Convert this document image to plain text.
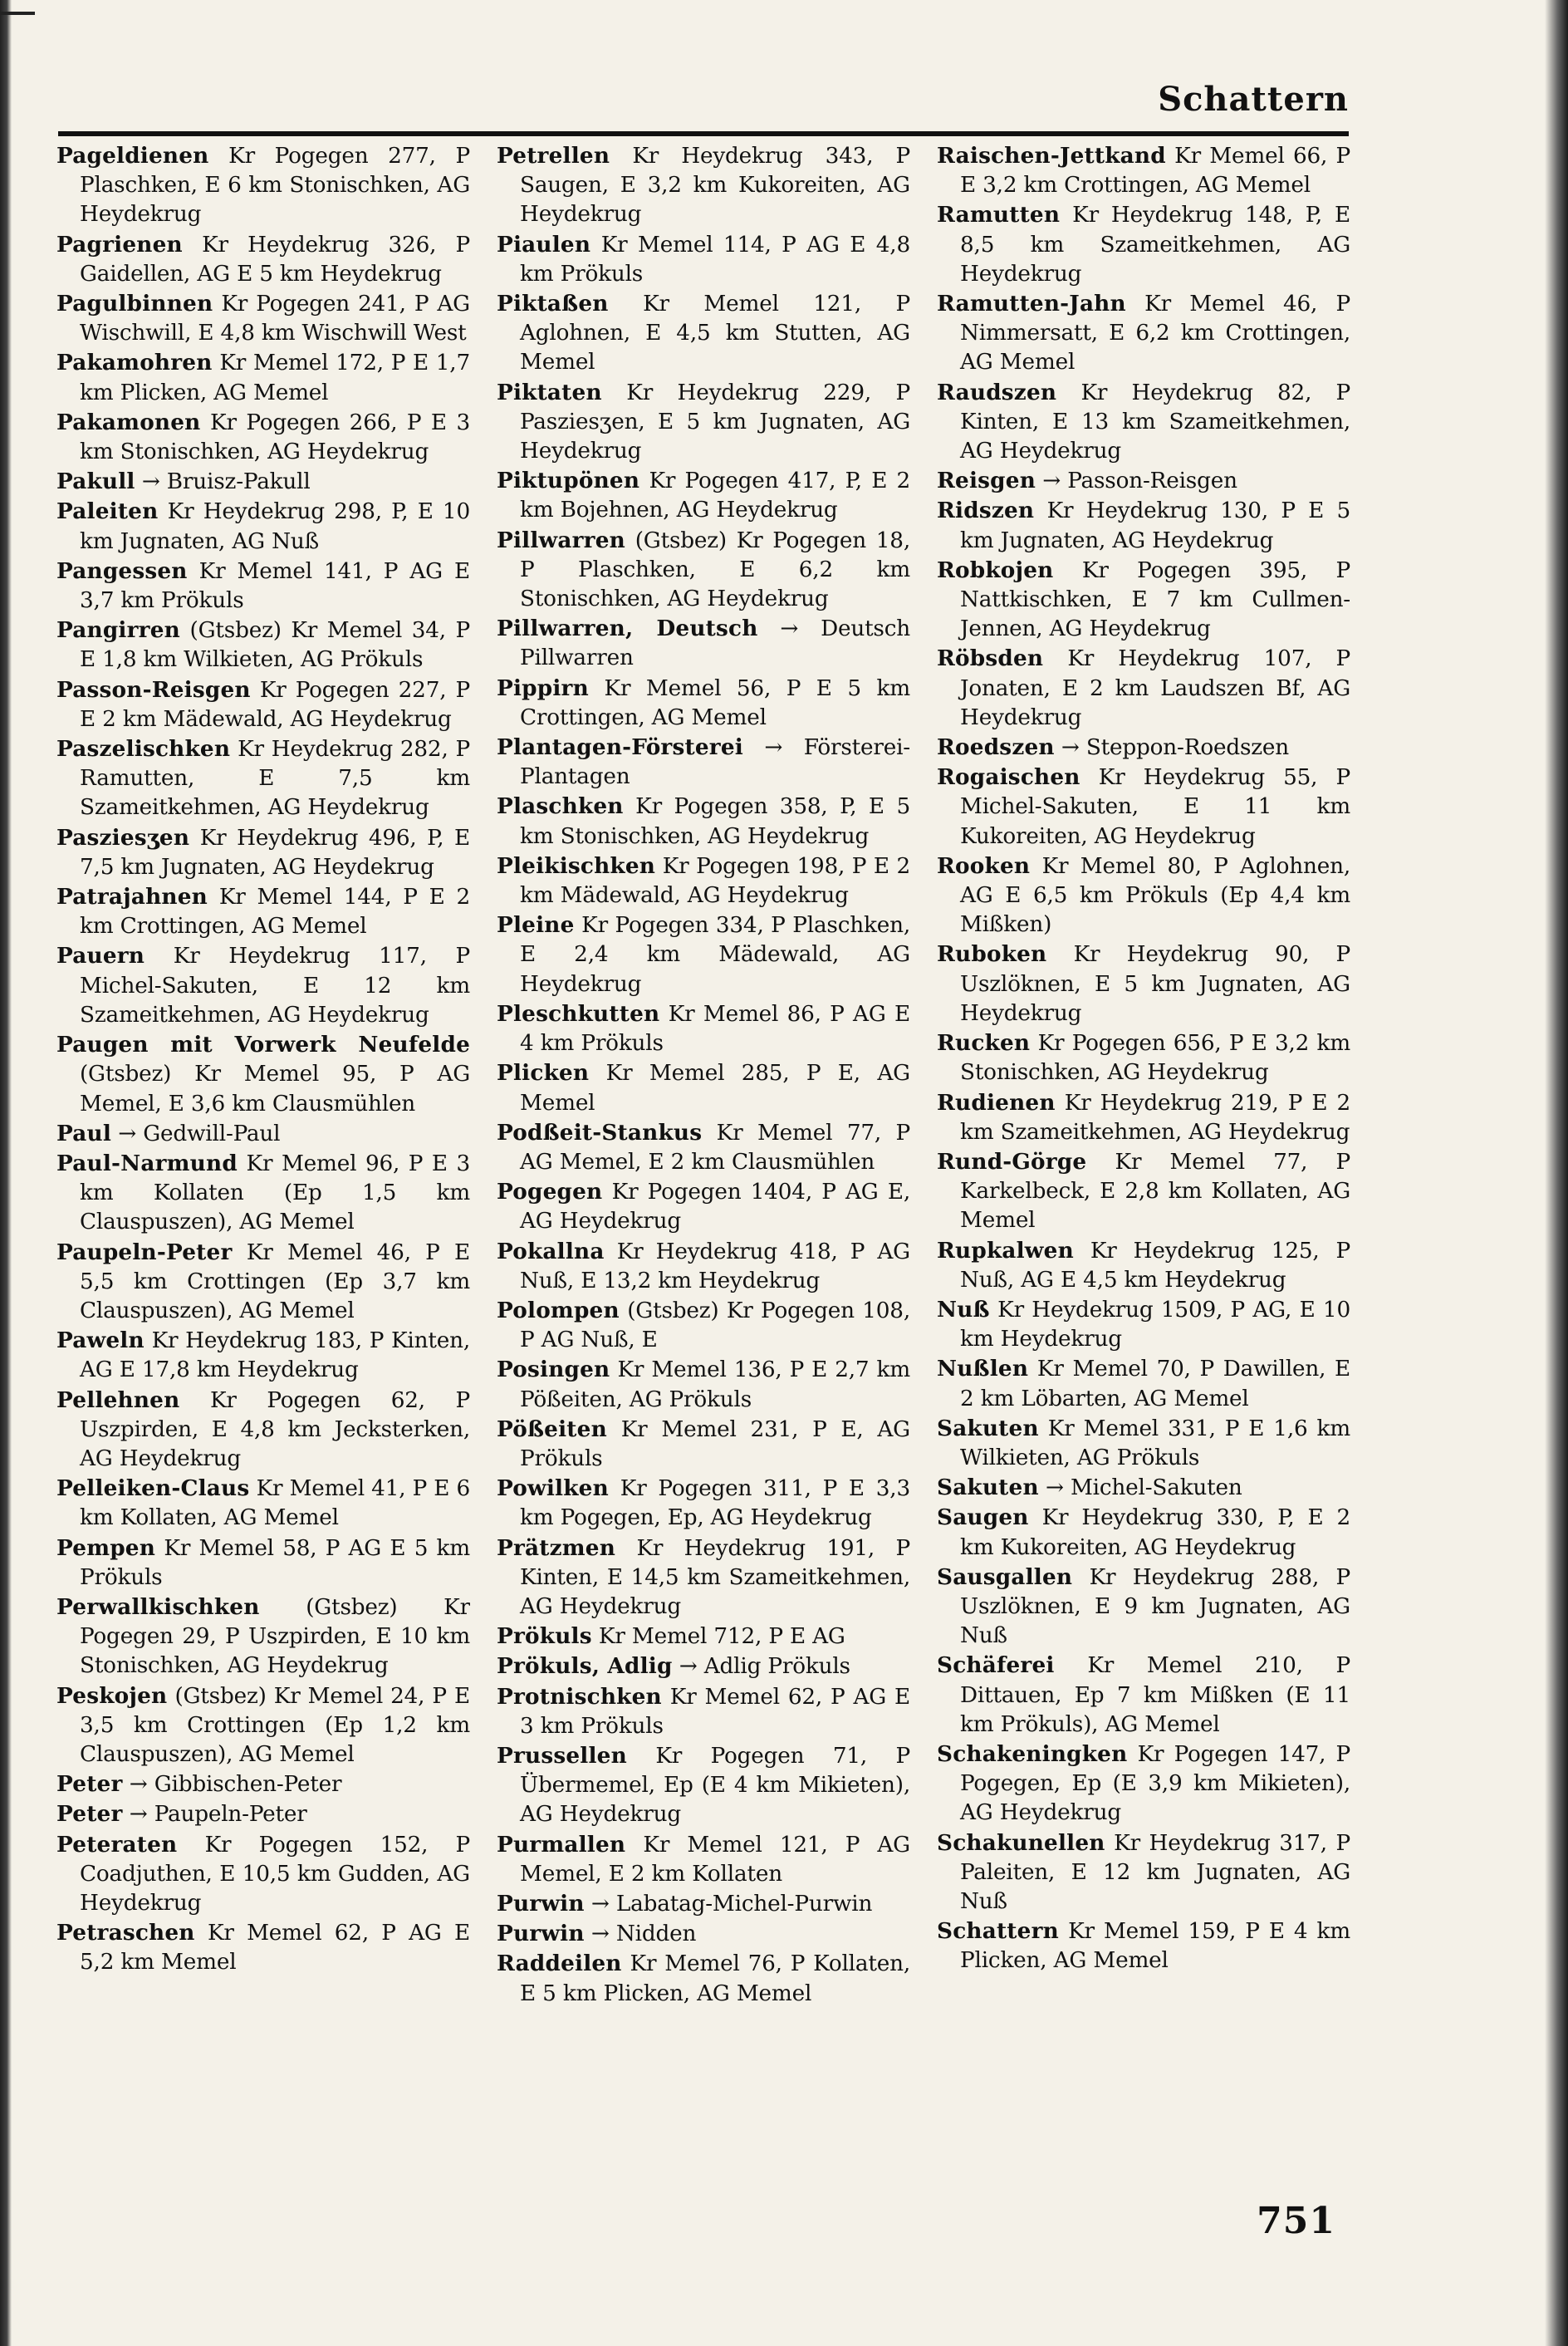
Schattern

Pageldienen Kr Pogegen 277, P Plaschken, E 6 km Stonischken, AG Heydekrug

Pagrienen Kr Heydekrug 326, P Gaidellen, AG E 5 km Heydekrug

Pagulbinnen Kr Pogegen 241, P AG Wischwill, E 4,8 km Wischwill West

Pakamohren Kr Memel 172, P E 1,7 km Plicken, AG Memel

Pakamonen Kr Pogegen 266, P E 3 km Stonischken, AG Heydekrug

Pakull → Bruisz-Pakull

Paleiten Kr Heydekrug 298, P, E 10 km Jugnaten, AG Nuß

Pangessen Kr Memel 141, P AG E 3,7 km Prökuls

Pangirren (Gtsbez) Kr Memel 34, P E 1,8 km Wilkieten, AG Prökuls

Passon-Reisgen Kr Pogegen 227, P E 2 km Mädewald, AG Heydekrug

Paszelischken Kr Heydekrug 282, P Ramutten, E 7,5 km Szameitkehmen, AG Heydekrug

Pasziesʒen Kr Heydekrug 496, P, E 7,5 km Jugnaten, AG Heydekrug

Patrajahnen Kr Memel 144, P E 2 km Crottingen, AG Memel

Pauern Kr Heydekrug 117, P Michel-Sakuten, E 12 km Szameitkehmen, AG Heydekrug

Paugen mit Vorwerk Neufelde (Gtsbez) Kr Memel 95, P AG Memel, E 3,6 km Clausmühlen

Paul → Gedwill-Paul

Paul-Narmund Kr Memel 96, P E 3 km Kollaten (Ep 1,5 km Clauspuszen), AG Memel

Paupeln-Peter Kr Memel 46, P E 5,5 km Crottingen (Ep 3,7 km Clauspuszen), AG Memel

Paweln Kr Heydekrug 183, P Kinten, AG E 17,8 km Heydekrug

Pellehnen Kr Pogegen 62, P Uszpirden, E 4,8 km Jecksterken, AG Heydekrug

Pelleiken-Claus Kr Memel 41, P E 6 km Kollaten, AG Memel

Pempen Kr Memel 58, P AG E 5 km Prökuls

Perwallkischken (Gtsbez) Kr Pogegen 29, P Uszpirden, E 10 km Stonischken, AG Heydekrug

Peskojen (Gtsbez) Kr Memel 24, P E 3,5 km Crottingen (Ep 1,2 km Clauspuszen), AG Memel

Peter → Gibbischen-Peter

Peter → Paupeln-Peter

Peteraten Kr Pogegen 152, P Coadjuthen, E 10,5 km Gudden, AG Heydekrug

Petraschen Kr Memel 62, P AG E 5,2 km Memel

Petrellen Kr Heydekrug 343, P Saugen, E 3,2 km Kukoreiten, AG Heydekrug

Piaulen Kr Memel 114, P AG E 4,8 km Prökuls

Piktaßen Kr Memel 121, P Aglohnen, E 4,5 km Stutten, AG Memel

Piktaten Kr Heydekrug 229, P Pasziesʒen, E 5 km Jugnaten, AG Heydekrug

Piktupönen Kr Pogegen 417, P, E 2 km Bojehnen, AG Heydekrug

Pillwarren (Gtsbez) Kr Pogegen 18, P Plaschken, E 6,2 km Stonischken, AG Heydekrug

Pillwarren, Deutsch → Deutsch Pillwarren

Pippirn Kr Memel 56, P E 5 km Crottingen, AG Memel

Plantagen-Försterei → Försterei-Plantagen

Plaschken Kr Pogegen 358, P, E 5 km Stonischken, AG Heydekrug

Pleikischken Kr Pogegen 198, P E 2 km Mädewald, AG Heydekrug

Pleine Kr Pogegen 334, P Plaschken, E 2,4 km Mädewald, AG Heydekrug

Pleschkutten Kr Memel 86, P AG E 4 km Prökuls

Plicken Kr Memel 285, P E, AG Memel

Podßeit-Stankus Kr Memel 77, P AG Memel, E 2 km Clausmühlen

Pogegen Kr Pogegen 1404, P AG E, AG Heydekrug

Pokallna Kr Heydekrug 418, P AG Nuß, E 13,2 km Heydekrug

Polompen (Gtsbez) Kr Pogegen 108, P AG Nuß, E

Posingen Kr Memel 136, P E 2,7 km Pößeiten, AG Prökuls

Pößeiten Kr Memel 231, P E, AG Prökuls

Powilken Kr Pogegen 311, P E 3,3 km Pogegen, Ep, AG Heydekrug

Prätzmen Kr Heydekrug 191, P Kinten, E 14,5 km Szameitkehmen, AG Heydekrug

Prökuls Kr Memel 712, P E AG

Prökuls, Adlig → Adlig Prökuls

Protnischken Kr Memel 62, P AG E 3 km Prökuls

Prussellen Kr Pogegen 71, P Übermemel, Ep (E 4 km Mikieten), AG Heydekrug

Purmallen Kr Memel 121, P AG Memel, E 2 km Kollaten

Purwin → Labatag-Michel-Purwin

Purwin → Nidden

Raddeilen Kr Memel 76, P Kollaten, E 5 km Plicken, AG Memel

Raischen-Jettkand Kr Memel 66, P E 3,2 km Crottingen, AG Memel

Ramutten Kr Heydekrug 148, P, E 8,5 km Szameitkehmen, AG Heydekrug

Ramutten-Jahn Kr Memel 46, P Nimmersatt, E 6,2 km Crottingen, AG Memel

Raudszen Kr Heydekrug 82, P Kinten, E 13 km Szameitkehmen, AG Heydekrug

Reisgen → Passon-Reisgen

Ridszen Kr Heydekrug 130, P E 5 km Jugnaten, AG Heydekrug

Robkojen Kr Pogegen 395, P Nattkischken, E 7 km Cullmen-Jennen, AG Heydekrug

Röbsden Kr Heydekrug 107, P Jonaten, E 2 km Laudszen Bf, AG Heydekrug

Roedszen → Steppon-Roedszen

Rogaischen Kr Heydekrug 55, P Michel-Sakuten, E 11 km Kukoreiten, AG Heydekrug

Rooken Kr Memel 80, P Aglohnen, AG E 6,5 km Prökuls (Ep 4,4 km Mißken)

Ruboken Kr Heydekrug 90, P Uszlöknen, E 5 km Jugnaten, AG Heydekrug

Rucken Kr Pogegen 656, P E 3,2 km Stonischken, AG Heydekrug

Rudienen Kr Heydekrug 219, P E 2 km Szameitkehmen, AG Heydekrug

Rund-Görge Kr Memel 77, P Karkelbeck, E 2,8 km Kollaten, AG Memel

Rupkalwen Kr Heydekrug 125, P Nuß, AG E 4,5 km Heydekrug

Nuß Kr Heydekrug 1509, P AG, E 10 km Heydekrug

Nußlen Kr Memel 70, P Dawillen, E 2 km Löbarten, AG Memel

Sakuten Kr Memel 331, P E 1,6 km Wilkieten, AG Prökuls

Sakuten → Michel-Sakuten

Saugen Kr Heydekrug 330, P, E 2 km Kukoreiten, AG Heydekrug

Sausgallen Kr Heydekrug 288, P Uszlöknen, E 9 km Jugnaten, AG Nuß

Schäferei Kr Memel 210, P Dittauen, Ep 7 km Mißken (E 11 km Prökuls), AG Memel

Schakeningken Kr Pogegen 147, P Pogegen, Ep (E 3,9 km Mikieten), AG Heydekrug

Schakunellen Kr Heydekrug 317, P Paleiten, E 12 km Jugnaten, AG Nuß

Schattern Kr Memel 159, P E 4 km Plicken, AG Memel

751
